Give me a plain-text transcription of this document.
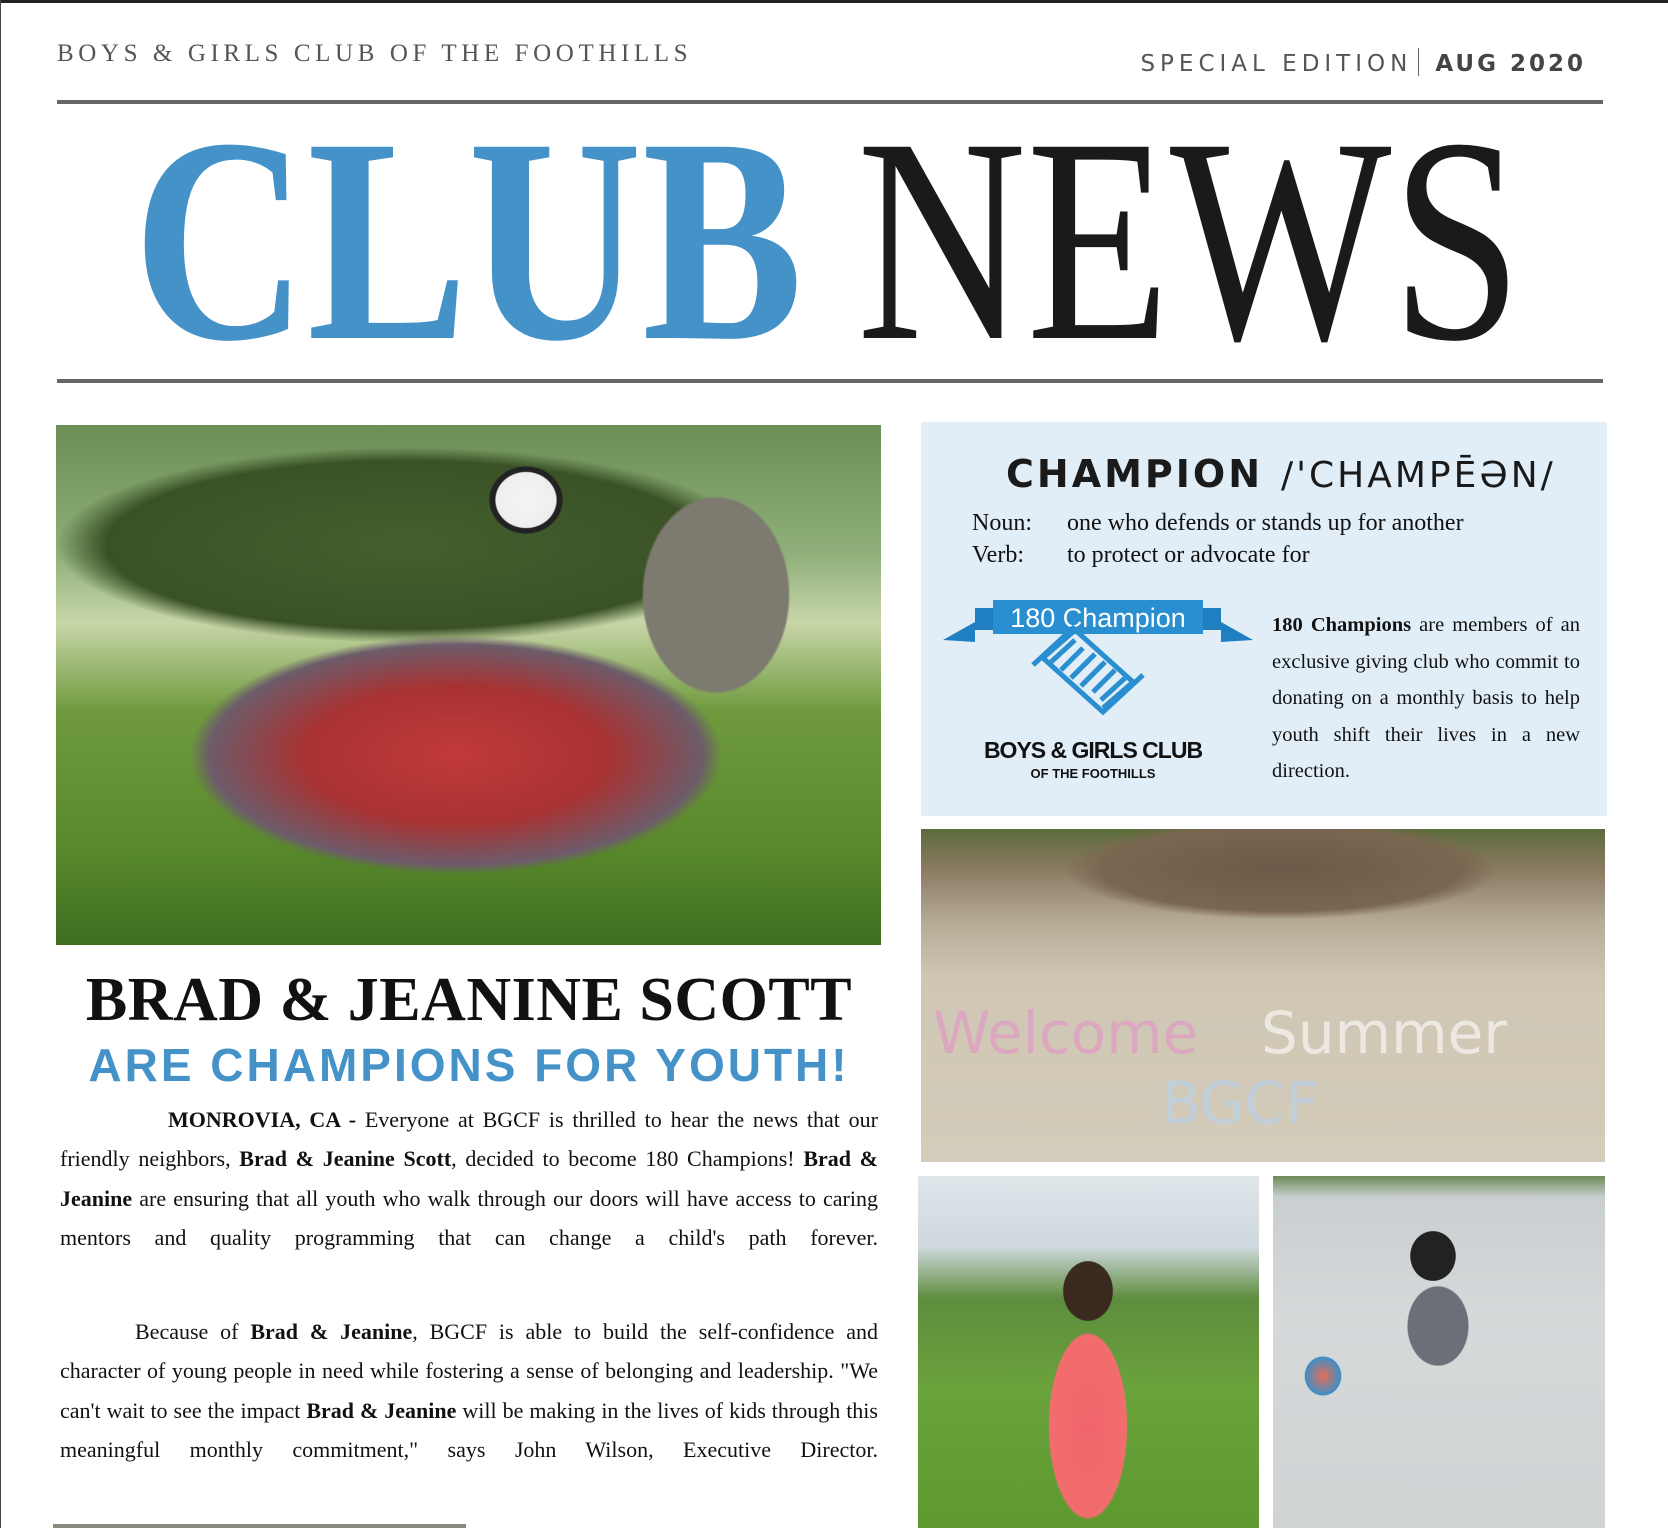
BOYS & GIRLS CLUB OF THE FOOTHILLS	SPECIAL EDITION AUG 2020
CLUB NEWS
BRAD & JEANINE SCOTT
ARE CHAMPIONS FOR YOUTH!
MONROVIA, CA - Everyone at BGCF is thrilled to hear the news that our friendly neighbors, Brad & Jeanine Scott, decided to become 180 Champions! Brad & Jeanine are ensuring that all youth who walk through our doors will have access to caring mentors and quality programming that can change a child's path forever.
Because of Brad & Jeanine, BGCF is able to build the self-confidence and character of young people in need while fostering a sense of belonging and leadership. "We can't wait to see the impact Brad & Jeanine will be making in the lives of kids through this meaningful monthly commitment," says John Wilson, Executive Director.
CHAMPION /'CHAMPĒƏN/
Noun: one who defends or stands up for another
Verb: to protect or advocate for
180 Champion
BOYS & GIRLS CLUB
OF THE FOOTHILLS
180 Champions are members of an exclusive giving club who commit to donating on a monthly basis to help youth shift their lives in a new direction.
Welcome Summer
BGCF
